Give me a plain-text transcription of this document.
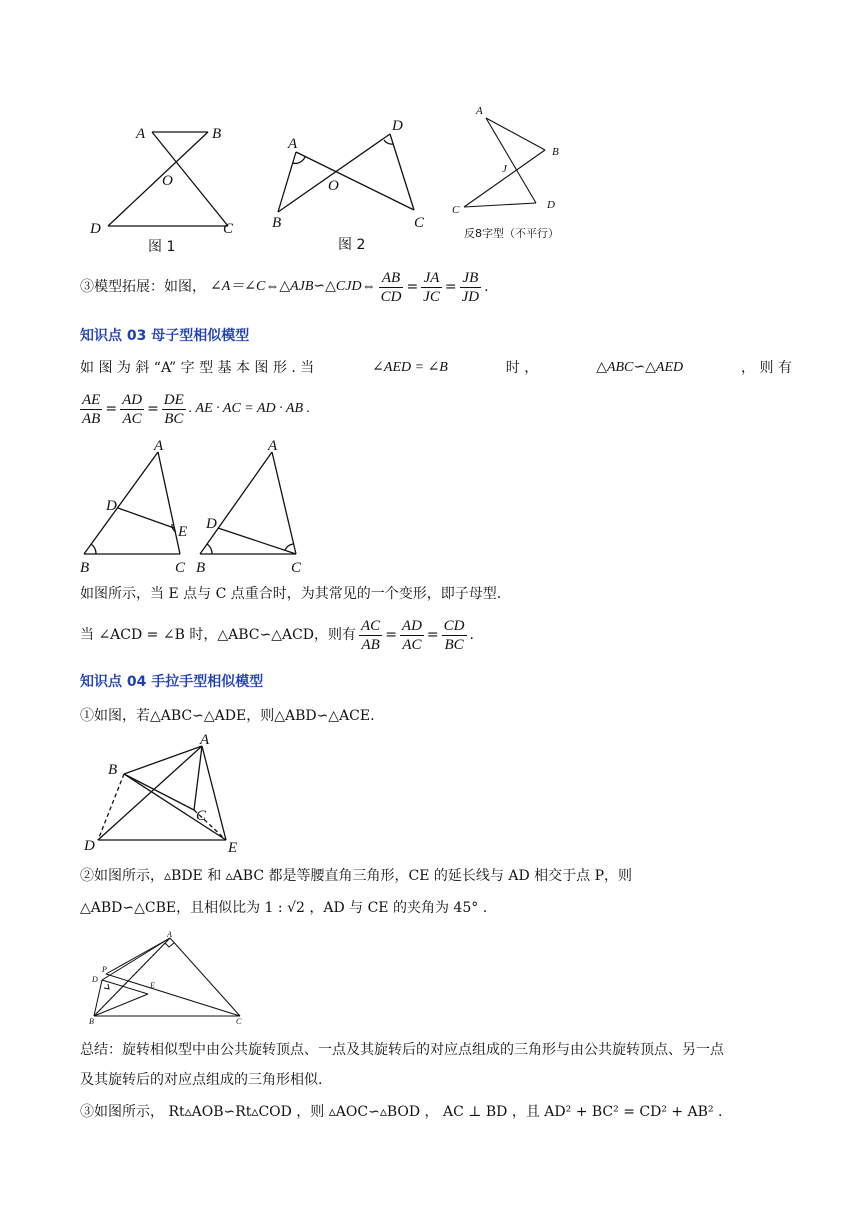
A	B
O
D	C
图 1
A
D
O
B	C
图 2
A
B
J
C	D
反8字型（不平行）
③模型拓展：如图， ∠A＝∠C⇔△AJB∽△CJD⇔ $\frac{AB}{CD} = \frac{JA}{JC} = \frac{JB}{JD}$ .
知识点 03 母子型相似模型
如 图 为 斜 “A” 字 型 基 本 图 形 . 当	∠AED = ∠B	时 ，	△ABC∽△AED	， 则 有
$\frac{AE}{AB} = \frac{AD}{AC} = \frac{DE}{BC}$ . AE · AC = AD · AB .
A
D
E
B	C
A
D
B	C
如图所示，当 E 点与 C 点重合时，为其常见的一个变形，即子母型.
当 ∠ACD = ∠B 时，△ABC∽△ACD，则有 $\frac{AC}{AB} = \frac{AD}{AC} = \frac{CD}{BC}$ .
知识点 04 手拉手型相似模型
①如图，若△ABC∽△ADE，则△ABD∽△ACE.
A
B
C
D	E
②如图所示，▵BDE 和 ▵ABC 都是等腰直角三角形，CE 的延长线与 AD 相交于点 P，则
△ABD∽△CBE，且相似比为 1 : √2 ，AD 与 CE 的夹角为 45° .
A
P
D
E
B	C
总结：旋转相似型中由公共旋转顶点、一点及其旋转后的对应点组成的三角形与由公共旋转顶点、另一点
及其旋转后的对应点组成的三角形相似.
③如图所示， Rt▵AOB∽Rt▵COD ，则 ▵AOC∽▵BOD ， AC ⊥ BD ，且 AD² + BC² = CD² + AB² .
